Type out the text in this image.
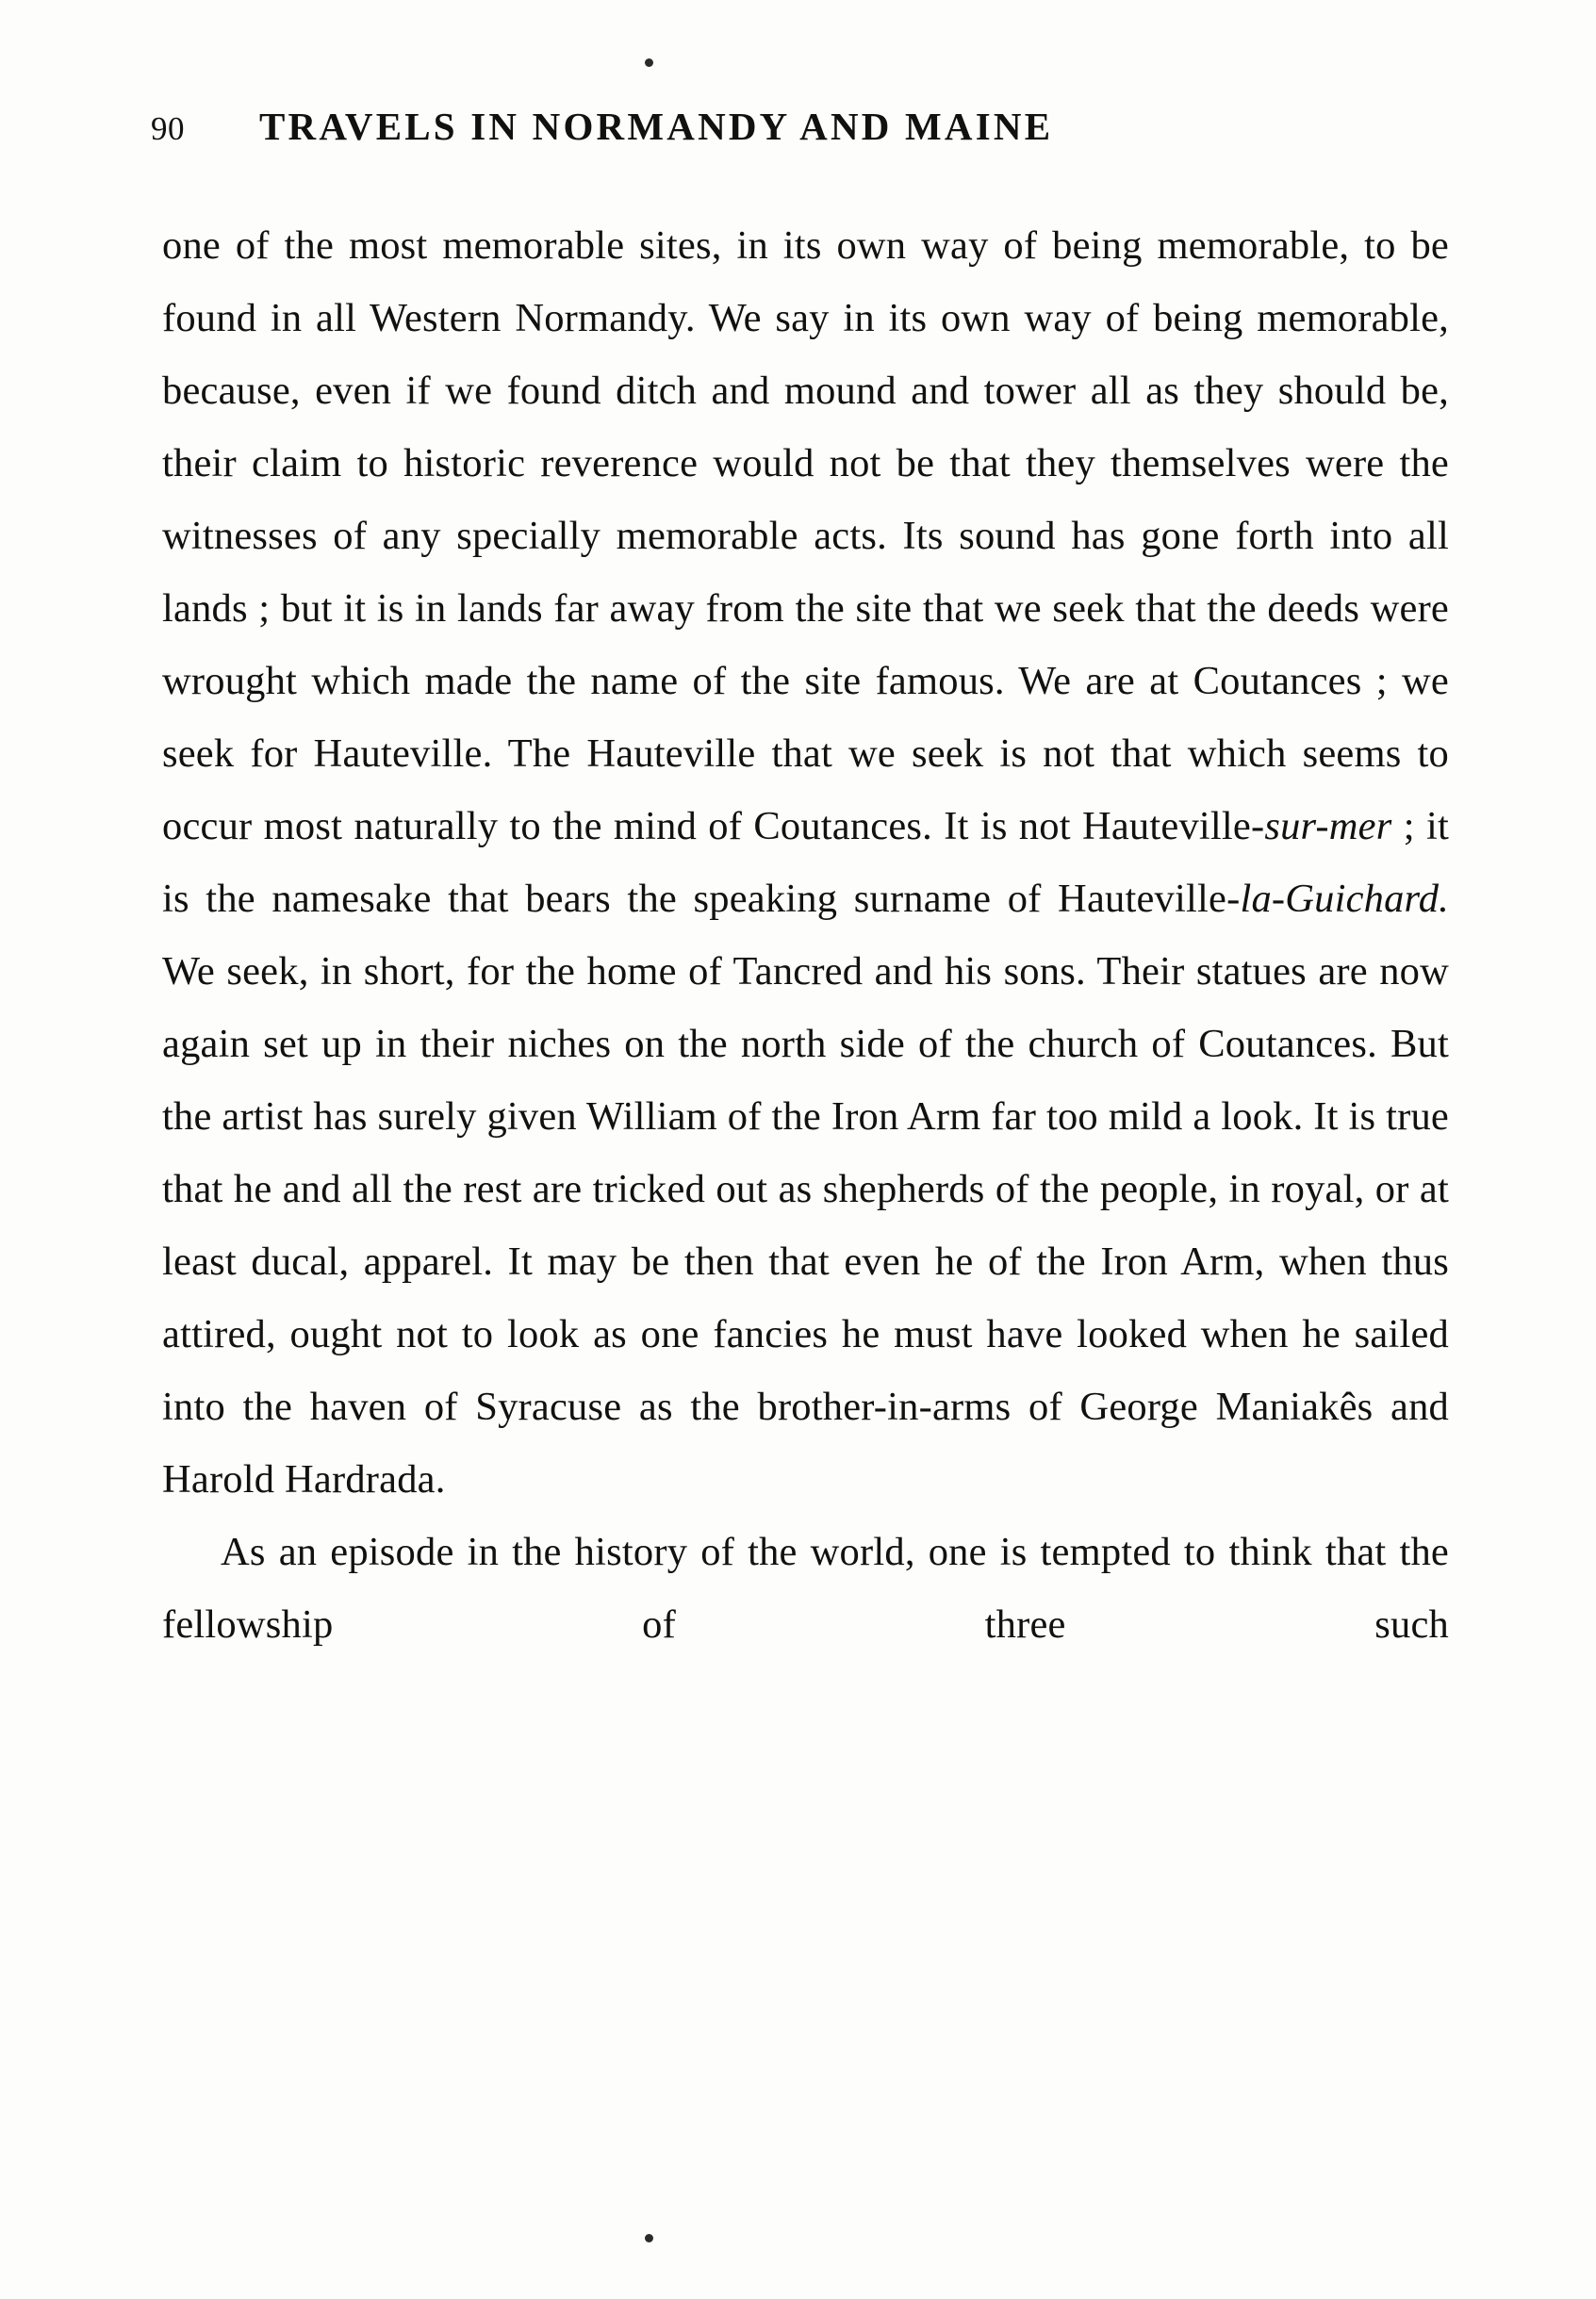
90	TRAVELS IN NORMANDY AND MAINE

one of the most memorable sites, in its own way of being memorable, to be found in all Western Normandy. We say in its own way of being memorable, because, even if we found ditch and mound and tower all as they should be, their claim to historic reverence would not be that they themselves were the witnesses of any specially memorable acts. Its sound has gone forth into all lands ; but it is in lands far away from the site that we seek that the deeds were wrought which made the name of the site famous. We are at Coutances ; we seek for Hauteville. The Hauteville that we seek is not that which seems to occur most naturally to the mind of Coutances. It is not Hauteville-sur-mer ; it is the namesake that bears the speaking surname of Hauteville-la-Guichard. We seek, in short, for the home of Tancred and his sons. Their statues are now again set up in their niches on the north side of the church of Coutances. But the artist has surely given William of the Iron Arm far too mild a look. It is true that he and all the rest are tricked out as shepherds of the people, in royal, or at least ducal, apparel. It may be then that even he of the Iron Arm, when thus attired, ought not to look as one fancies he must have looked when he sailed into the haven of Syracuse as the brother-in-arms of George Maniakês and Harold Hardrada.

As an episode in the history of the world, one is tempted to think that the fellowship of three such
